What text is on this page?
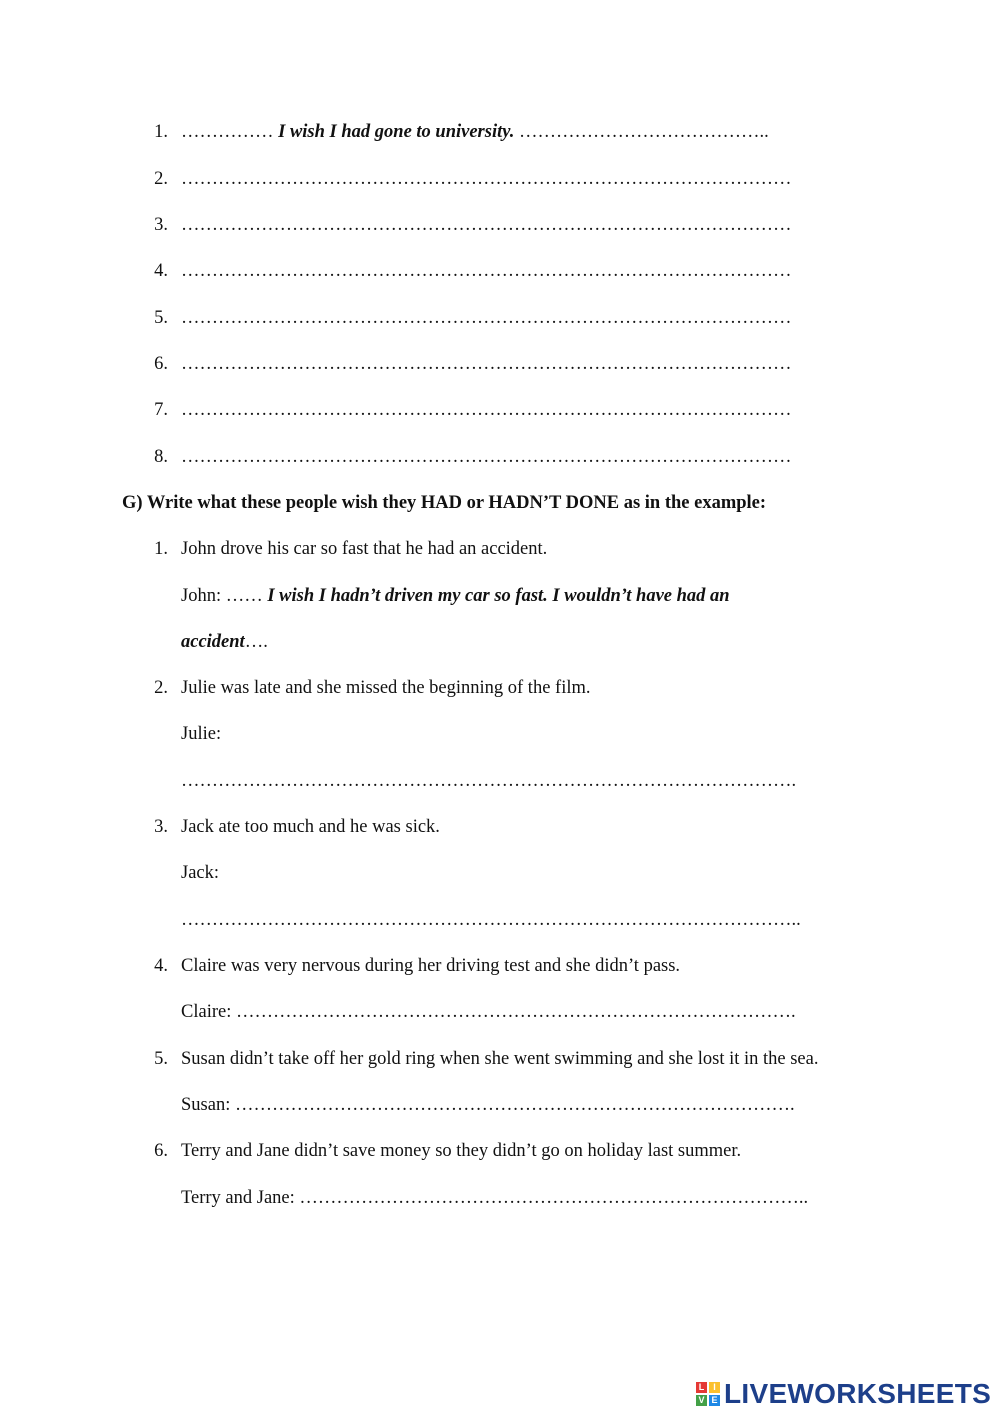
1. …………… I wish I had gone to university. …………………………………..
2. ………………………………………………………………………………………
3. ………………………………………………………………………………………
4. ………………………………………………………………………………………
5. ………………………………………………………………………………………
6. ………………………………………………………………………………………
7. ………………………………………………………………………………………
8. ………………………………………………………………………………………
G) Write what these people wish they HAD or HADN’T DONE as in the example:
1. John drove his car so fast that he had an accident.
John: …… I wish I hadn’t driven my car so fast. I wouldn’t have had an
accident….
2. Julie was late and she missed the beginning of the film.
Julie:
……………………………………………………………………………………….
3. Jack ate too much and he was sick.
Jack:
………………………………………………………………………………………..
4. Claire was very nervous during her driving test and she didn’t pass.
Claire: ……………………………………………………………………………….
5. Susan didn’t take off her gold ring when she went swimming and she lost it in the sea.
Susan: ……………………………………………………………………………….
6. Terry and Jane didn’t save money so they didn’t go on holiday last summer.
Terry and Jane: ………………………………………………………………………..
L I
V E LIVEWORKSHEETS
